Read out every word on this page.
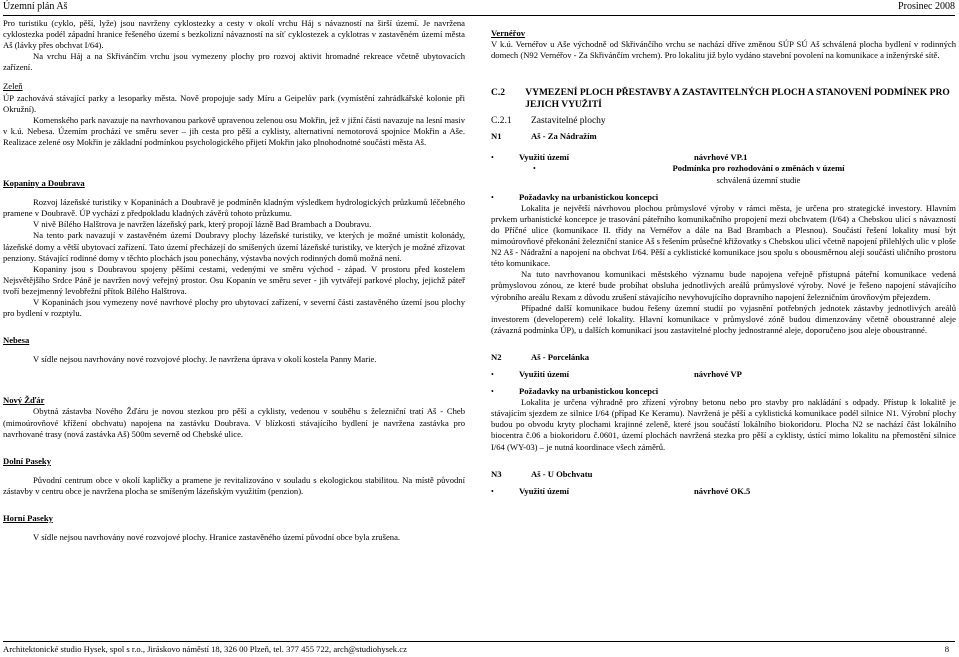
Územní plán Aš	Prosinec 2008

Pro turistiku (cyklo, pěší, lyže) jsou navrženy cyklostezky a cesty v okolí vrchu Háj s návazností na širší území. Je navržena cyklostezka podél západní hranice řešeného území s bezkolizní návazností na síť cyklostezek a cyklotras v zastavěném území města Aš (lávky přes obchvat I/64).

Na vrchu Háj a na Skřivánčím vrchu jsou vymezeny plochy pro rozvoj aktivit hromadné rekreace včetně ubytovacích zařízení.

Zeleň

ÚP zachovává stávající parky a lesoparky města. Nově propojuje sady Míru a Geipelův park (vymístění zahrádkářské kolonie při Okružní).

Komenského park navazuje na navrhovanou parkově upravenou zelenou osu Mokřin, jež v jižní části navazuje na lesní masiv v k.ú. Nebesa. Územím prochází ve směru sever – jih cesta pro pěší a cyklisty, alternativní nemotorová spojnice Mokřin a Aše. Realizace zelené osy Mokřin je základní podmínkou psychologického přijetí Mokřin jako plnohodnotné součásti města Aš.

Kopaniny a Doubrava

Rozvoj lázeňské turistiky v Kopaninách a Doubravě je podmíněn kladným výsledkem hydrologických průzkumů léčebného pramene v Doubravě. ÚP vychází z předpokladu kladných závěrů tohoto průzkumu.

V nivě Bílého Halštrova je navržen lázeňský park, který propojí lázně Bad Brambach a Doubravu.

Na tento park navazují v zastavěném území Doubravy plochy lázeňské turistiky, ve kterých je možné umístit kolonády, lázeňské domy a větší ubytovací zařízení. Tato území přecházejí do smíšených území lázeňské turistiky, ve kterých je možné zřizovat penziony. Stávající rodinné domy v těchto plochách jsou ponechány, výstavba nových rodinných domů možná není.

Kopaniny jsou s Doubravou spojeny pěšími cestami, vedenými ve směru východ - západ. V prostoru před kostelem Nejsvětějšího Srdce Páně je navržen nový veřejný prostor. Osu Kopanin ve směru sever - jih vytvářejí parkové plochy, jejichž páteř tvoří bezejmenný levobřežní přítok Bílého Halštrova.

V Kopaninách jsou vymezeny nové navrhové plochy pro ubytovací zařízení, v severní části zastavěného území jsou plochy pro bydlení v rozptylu.

Nebesa

V sídle nejsou navrhovány nové rozvojové plochy. Je navržena úprava v okolí kostela Panny Marie.

Nový Žďár

Obytná zástavba Nového Žďáru je novou stezkou pro pěší a cyklisty, vedenou v souběhu s železniční tratí Aš - Cheb (mimoúrovňové křížení obchvatu) napojena na zastávku Doubrava. V blízkosti stávajícího bydlení je navržena zastávka pro navrhované trasy (nová zastávka Aš) 500m severně od Chebské ulice.

Dolní Paseky

Původní centrum obce v okolí kapličky a pramene je revitalizováno v souladu s ekologickou stabilitou. Na místě původní zástavby v centru obce je navržena plocha se smíšeným lázeňským využitím (penzion).

Horní Paseky

V sídle nejsou navrhovány nové rozvojové plochy. Hranice zastavěného území původní obce byla zrušena.

Vernéřov

V k.ú. Vernéřov u Aše východně od Skřivánčího vrchu se nachází dříve změnou SÚP SÚ Aš schválená plocha bydlení v rodinných domech (N92 Vernéřov - Za Skřivánčím vrchem). Pro lokalitu již bylo vydáno stavební povolení na komunikace a inženýrské sítě.

C.2	VYMEZENÍ PLOCH PŘESTAVBY A ZASTAVITELNÝCH PLOCH A STANOVENÍ PODMÍNEK PRO JEJICH VYUŽITÍ
C.2.1	Zastavitelné plochy
N1	Aš - Za Nádražím
•	Využití území	návrhové VP.1
•	Podmínka pro rozhodování o změnách v území
schválená územní studie
•	Požadavky na urbanistickou koncepci

Lokalita je největší návrhovou plochou průmyslové výroby v rámci města, je určena pro strategické investory. Hlavním prvkem urbanistické koncepce je trasování páteřního komunikačního propojení mezi obchvatem (I/64) a Chebskou ulicí s návazností do Příčné ulice (komunikace II. třídy na Vernéřov a dále na Bad Brambach a Plesnou). Součástí řešení lokality musí být mimoúrovňové překonání železniční stanice Aš s řešením průsečné křižovatky s Chebskou ulicí včetně napojení přilehlých ulic v ploše N2 Aš - Nádražní a napojení na obchvat I/64. Pěší a cyklistické komunikace jsou spolu s obousměrnou alejí součástí uličního prostoru této komunikace.

Na tuto navrhovanou komunikaci městského významu bude napojena veřejně přístupná páteřní komunikace vedená průmyslovou zónou, ze které bude probíhat obsluha jednotlivých areálů průmyslové výroby. Nové je řešeno napojení stávajícího výrobního areálu Rexam z důvodu zrušení stávajícího nevyhovujícího dopravního napojení železničním úrovňovým přejezdem.

Případné další komunikace budou řešeny územní studií po vyjasnění potřebných jednotek zástavby jednotlivých areálů investorem (developerem) celé lokality. Hlavní komunikace v průmyslové zóně budou dimenzovány včetně oboustranné aleje (závazná podmínka ÚP), u dalších komunikací jsou zastavitelné plochy jednostranné aleje, doporučeno jsou aleje oboustranné.

N2	Aš - Porcelánka
•	Využití území	návrhové VP
•	Požadavky na urbanistickou koncepci

Lokalita je určena výhradně pro zřízení výrobny betonu nebo pro stavby pro nakládání s odpady. Přístup k lokalitě je stávajícím sjezdem ze silnice I/64 (případ Ke Keramu). Navržená je pěší a cyklistická komunikace podél silnice N1. Výrobní plochy budou po obvodu kryty plochami krajinné zeleně, které jsou součástí lokálního biokoridoru. Plocha N2 se nachází část lokálního biocentra č.06 a biokoridoru č.0601, území plochách navržená stezka pro pěší a cyklisty, ústící mimo lokalitu na přemostění silnice I/64 (WY-03) – je nutná koordinace všech záměrů.

N3	Aš - U Obchvatu
•	Využití území	návrhové OK.5
Architektonické studio Hysek, spol s r.o., Jiráskovo náměstí 18, 326 00 Plzeň, tel. 377 455 722, arch@studiohysek.cz	8
